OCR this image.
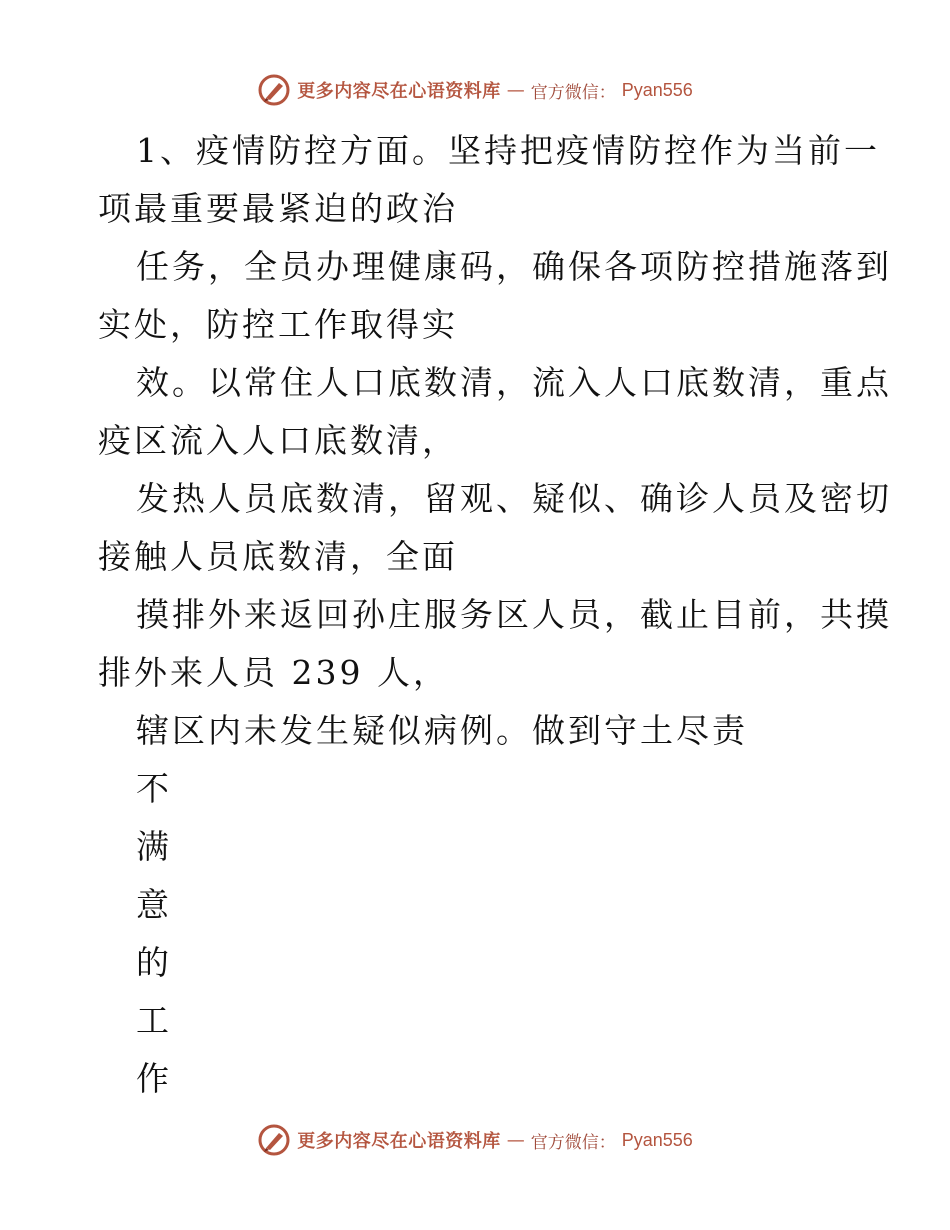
更多内容尽在心语资料库 — 官方微信： Pyan556
1、疫情防控方面。坚持把疫情防控作为当前一
项最重要最紧迫的政治
任务，全员办理健康码，确保各项防控措施落到
实处，防控工作取得实
效。以常住人口底数清，流入人口底数清，重点
疫区流入人口底数清，
发热人员底数清，留观、疑似、确诊人员及密切
接触人员底数清，全面
摸排外来返回孙庄服务区人员，截止目前，共摸
排外来人员 239 人，
辖区内未发生疑似病例。做到守土尽责
不
满
意
的
工
作
更多内容尽在心语资料库 — 官方微信： Pyan556
